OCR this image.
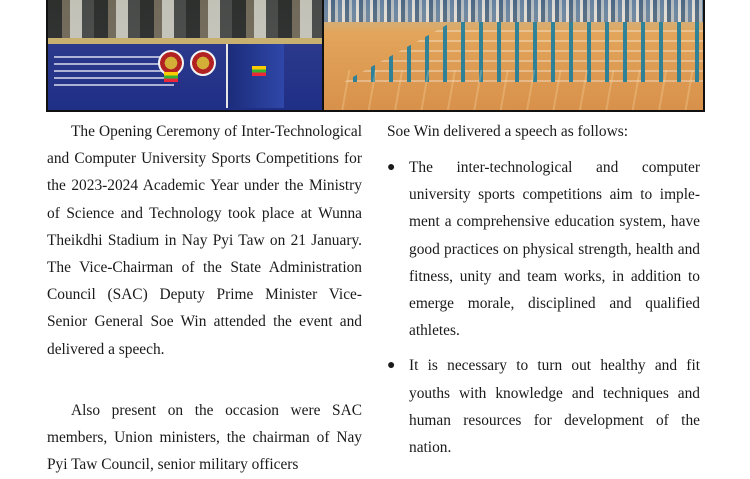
The Opening Ceremony of Inter-Technological and Computer University Sports Competitions for the 2023-2024 Academic Year under the Ministry of Science and Technology took place at Wunna Theikdhi Stadium in Nay Pyi Taw on 21 January. The Vice-Chairman of the State Administration Council (SAC) Deputy Prime Minister Vice-Senior General Soe Win attended the event and delivered a speech.

Also present on the occasion were SAC members, Union ministers, the chairman of Nay Pyi Taw Council, senior military officers

Soe Win delivered a speech as follows:

● The inter-technological and computer university sports competitions aim to implement a comprehensive education system, have good practices on physical strength, health and fitness, unity and team works, in addition to emerge morale, disciplined and qualified athletes.
● It is necessary to turn out healthy and fit youths with knowledge and techniques and human resources for development of the nation.
